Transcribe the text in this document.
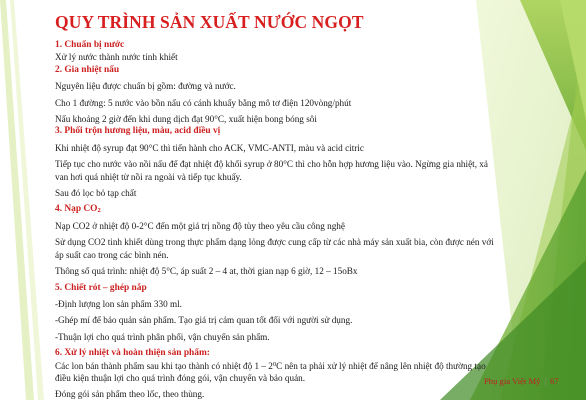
QUY TRÌNH SẢN XUẤT NƯỚC NGỌT
1. Chuẩn bị nước
Xử lý nước thành nước tinh khiết
2. Gia nhiệt nấu
Nguyên liệu được chuẩn bị gồm: đường và nước.
Cho 1 đường: 5 nước vào bồn nấu có cánh khuấy bằng mô tơ điện 120vòng/phút
Nấu khoảng 2 giờ đến khi dung dịch đạt 90°C, xuất hiện bong bóng sôi
3. Phối trộn hương liệu, màu, acid điều vị
Khi nhiệt độ syrup đạt 90°C thì tiến hành cho ACK, VMC-ANTI, màu và acid citric
Tiếp tục cho nước vào nồi nấu để đạt nhiệt độ khối syrup ở 80°C thì cho hỗn hợp hương liệu vào. Ngừng gia nhiệt, xả van hơi quá nhiệt từ nồi ra ngoài và tiếp tục khuấy.
Sau đó lọc bỏ tạp chất
4. Nạp $CO_2$
Nạp CO2 ở nhiệt độ 0-2°C đến một giá trị nồng độ tùy theo yêu cầu công nghệ
Sử dụng CO2 tinh khiết dùng trong thực phẩm dạng lỏng được cung cấp từ các nhà máy sản xuất bia, còn được nén với áp suất cao trong các bình nén.
Thông số quá trình: nhiệt độ 5°C, áp suất 2 – 4 at, thời gian nạp 6 giờ, 12 – 15oBx
5. Chiết rót – ghép nắp
-Định lượng lon sản phẩm 330 ml.
-Ghép mí để bảo quản sản phẩm. Tạo giá trị cảm quan tốt đối với người sử dụng.
-Thuận lợi cho quá trình phân phối, vận chuyển sản phẩm.
6. Xử lý nhiệt và hoàn thiện sản phẩm:
Các lon bán thành phẩm sau khi tạo thành có nhiệt độ $1 - 2^0C$ nên ta phải xử lý nhiệt để nâng lên nhiệt độ thường tạo điều kiện thuận lợi cho quá trình đóng gói, vận chuyển và bảo quản.
Đóng gói sản phẩm theo lốc, theo thùng.
Phụ gia Việt Mỹ | 67
